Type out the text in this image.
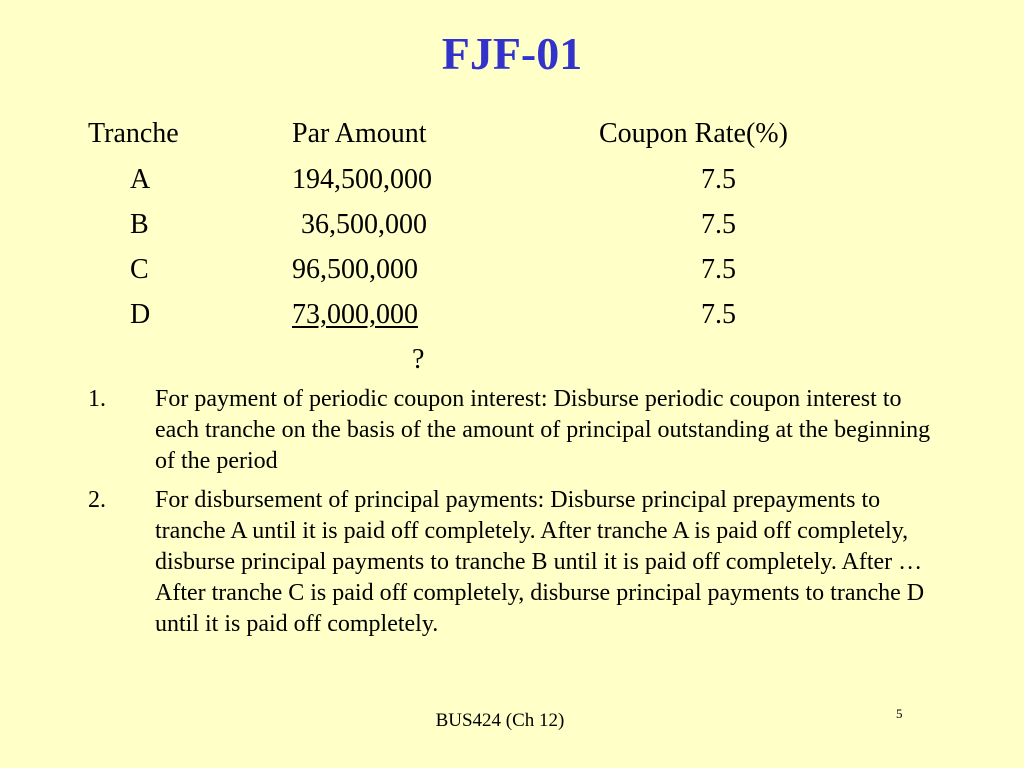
FJF-01
Tranche	Par Amount	Coupon Rate(%)
A	194,500,000	7.5
B	36,500,000	7.5
C	96,500,000	7.5
D	73,000,000	7.5
?
1.	For payment of periodic coupon interest: Disburse periodic coupon interest to each tranche on the basis of the amount of principal outstanding at the beginning of the period
2.	For disbursement of principal payments: Disburse principal prepayments to tranche A until it is paid off completely. After tranche A is paid off completely, disburse principal payments to tranche B until it is paid off completely. After … After tranche C is paid off completely, disburse principal payments to tranche D until it is paid off completely.
BUS424 (Ch 12)	5
